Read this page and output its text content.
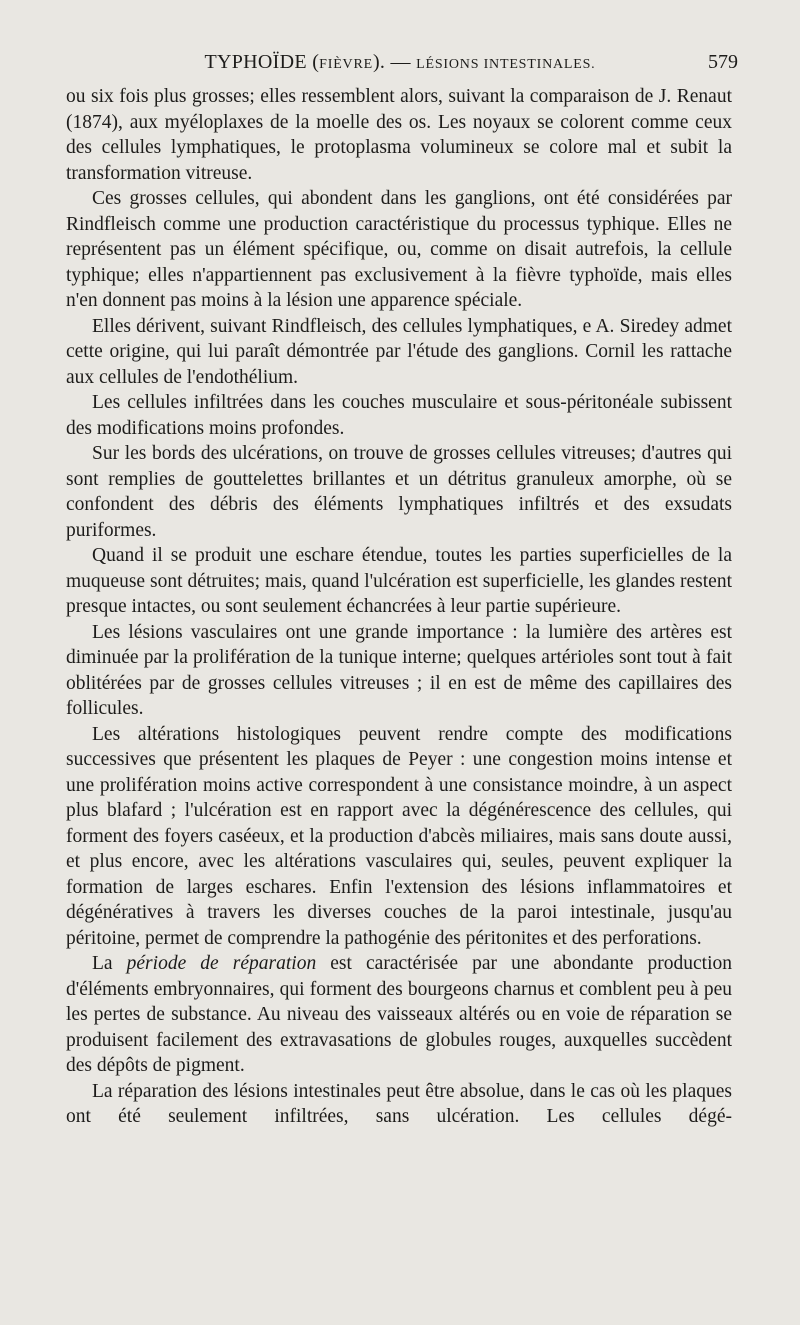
TYPHOÏDE (FIÈVRE). — LÉSIONS INTESTINALES.	579

ou six fois plus grosses; elles ressemblent alors, suivant la comparaison de J. Renaut (1874), aux myéloplaxes de la moelle des os. Les noyaux se colorent comme ceux des cellules lymphatiques, le protoplasma volumineux se colore mal et subit la transformation vitreuse.

Ces grosses cellules, qui abondent dans les ganglions, ont été considérées par Rindfleisch comme une production caractéristique du processus typhique. Elles ne représentent pas un élément spécifique, ou, comme on disait autrefois, la cellule typhique; elles n'appartiennent pas exclusivement à la fièvre typhoïde, mais elles n'en donnent pas moins à la lésion une apparence spéciale.

Elles dérivent, suivant Rindfleisch, des cellules lymphatiques, e A. Siredey admet cette origine, qui lui paraît démontrée par l'étude des ganglions. Cornil les rattache aux cellules de l'endothélium.

Les cellules infiltrées dans les couches musculaire et sous-péritonéale subissent des modifications moins profondes.

Sur les bords des ulcérations, on trouve de grosses cellules vitreuses; d'autres qui sont remplies de gouttelettes brillantes et un détritus granuleux amorphe, où se confondent des débris des éléments lymphatiques infiltrés et des exsudats puriformes.

Quand il se produit une eschare étendue, toutes les parties superficielles de la muqueuse sont détruites; mais, quand l'ulcération est superficielle, les glandes restent presque intactes, ou sont seulement échancrées à leur partie supérieure.

Les lésions vasculaires ont une grande importance : la lumière des artères est diminuée par la prolifération de la tunique interne; quelques artérioles sont tout à fait oblitérées par de grosses cellules vitreuses ; il en est de même des capillaires des follicules.

Les altérations histologiques peuvent rendre compte des modifications successives que présentent les plaques de Peyer : une congestion moins intense et une prolifération moins active correspondent à une consistance moindre, à un aspect plus blafard ; l'ulcération est en rapport avec la dégénérescence des cellules, qui forment des foyers caséeux, et la production d'abcès miliaires, mais sans doute aussi, et plus encore, avec les altérations vasculaires qui, seules, peuvent expliquer la formation de larges eschares. Enfin l'extension des lésions inflammatoires et dégénératives à travers les diverses couches de la paroi intestinale, jusqu'au péritoine, permet de comprendre la pathogénie des péritonites et des perforations.

La période de réparation est caractérisée par une abondante production d'éléments embryonnaires, qui forment des bourgeons charnus et comblent peu à peu les pertes de substance. Au niveau des vaisseaux altérés ou en voie de réparation se produisent facilement des extravasations de globules rouges, auxquelles succèdent des dépôts de pigment.

La réparation des lésions intestinales peut être absolue, dans le cas où les plaques ont été seulement infiltrées, sans ulcération. Les cellules dégé-
